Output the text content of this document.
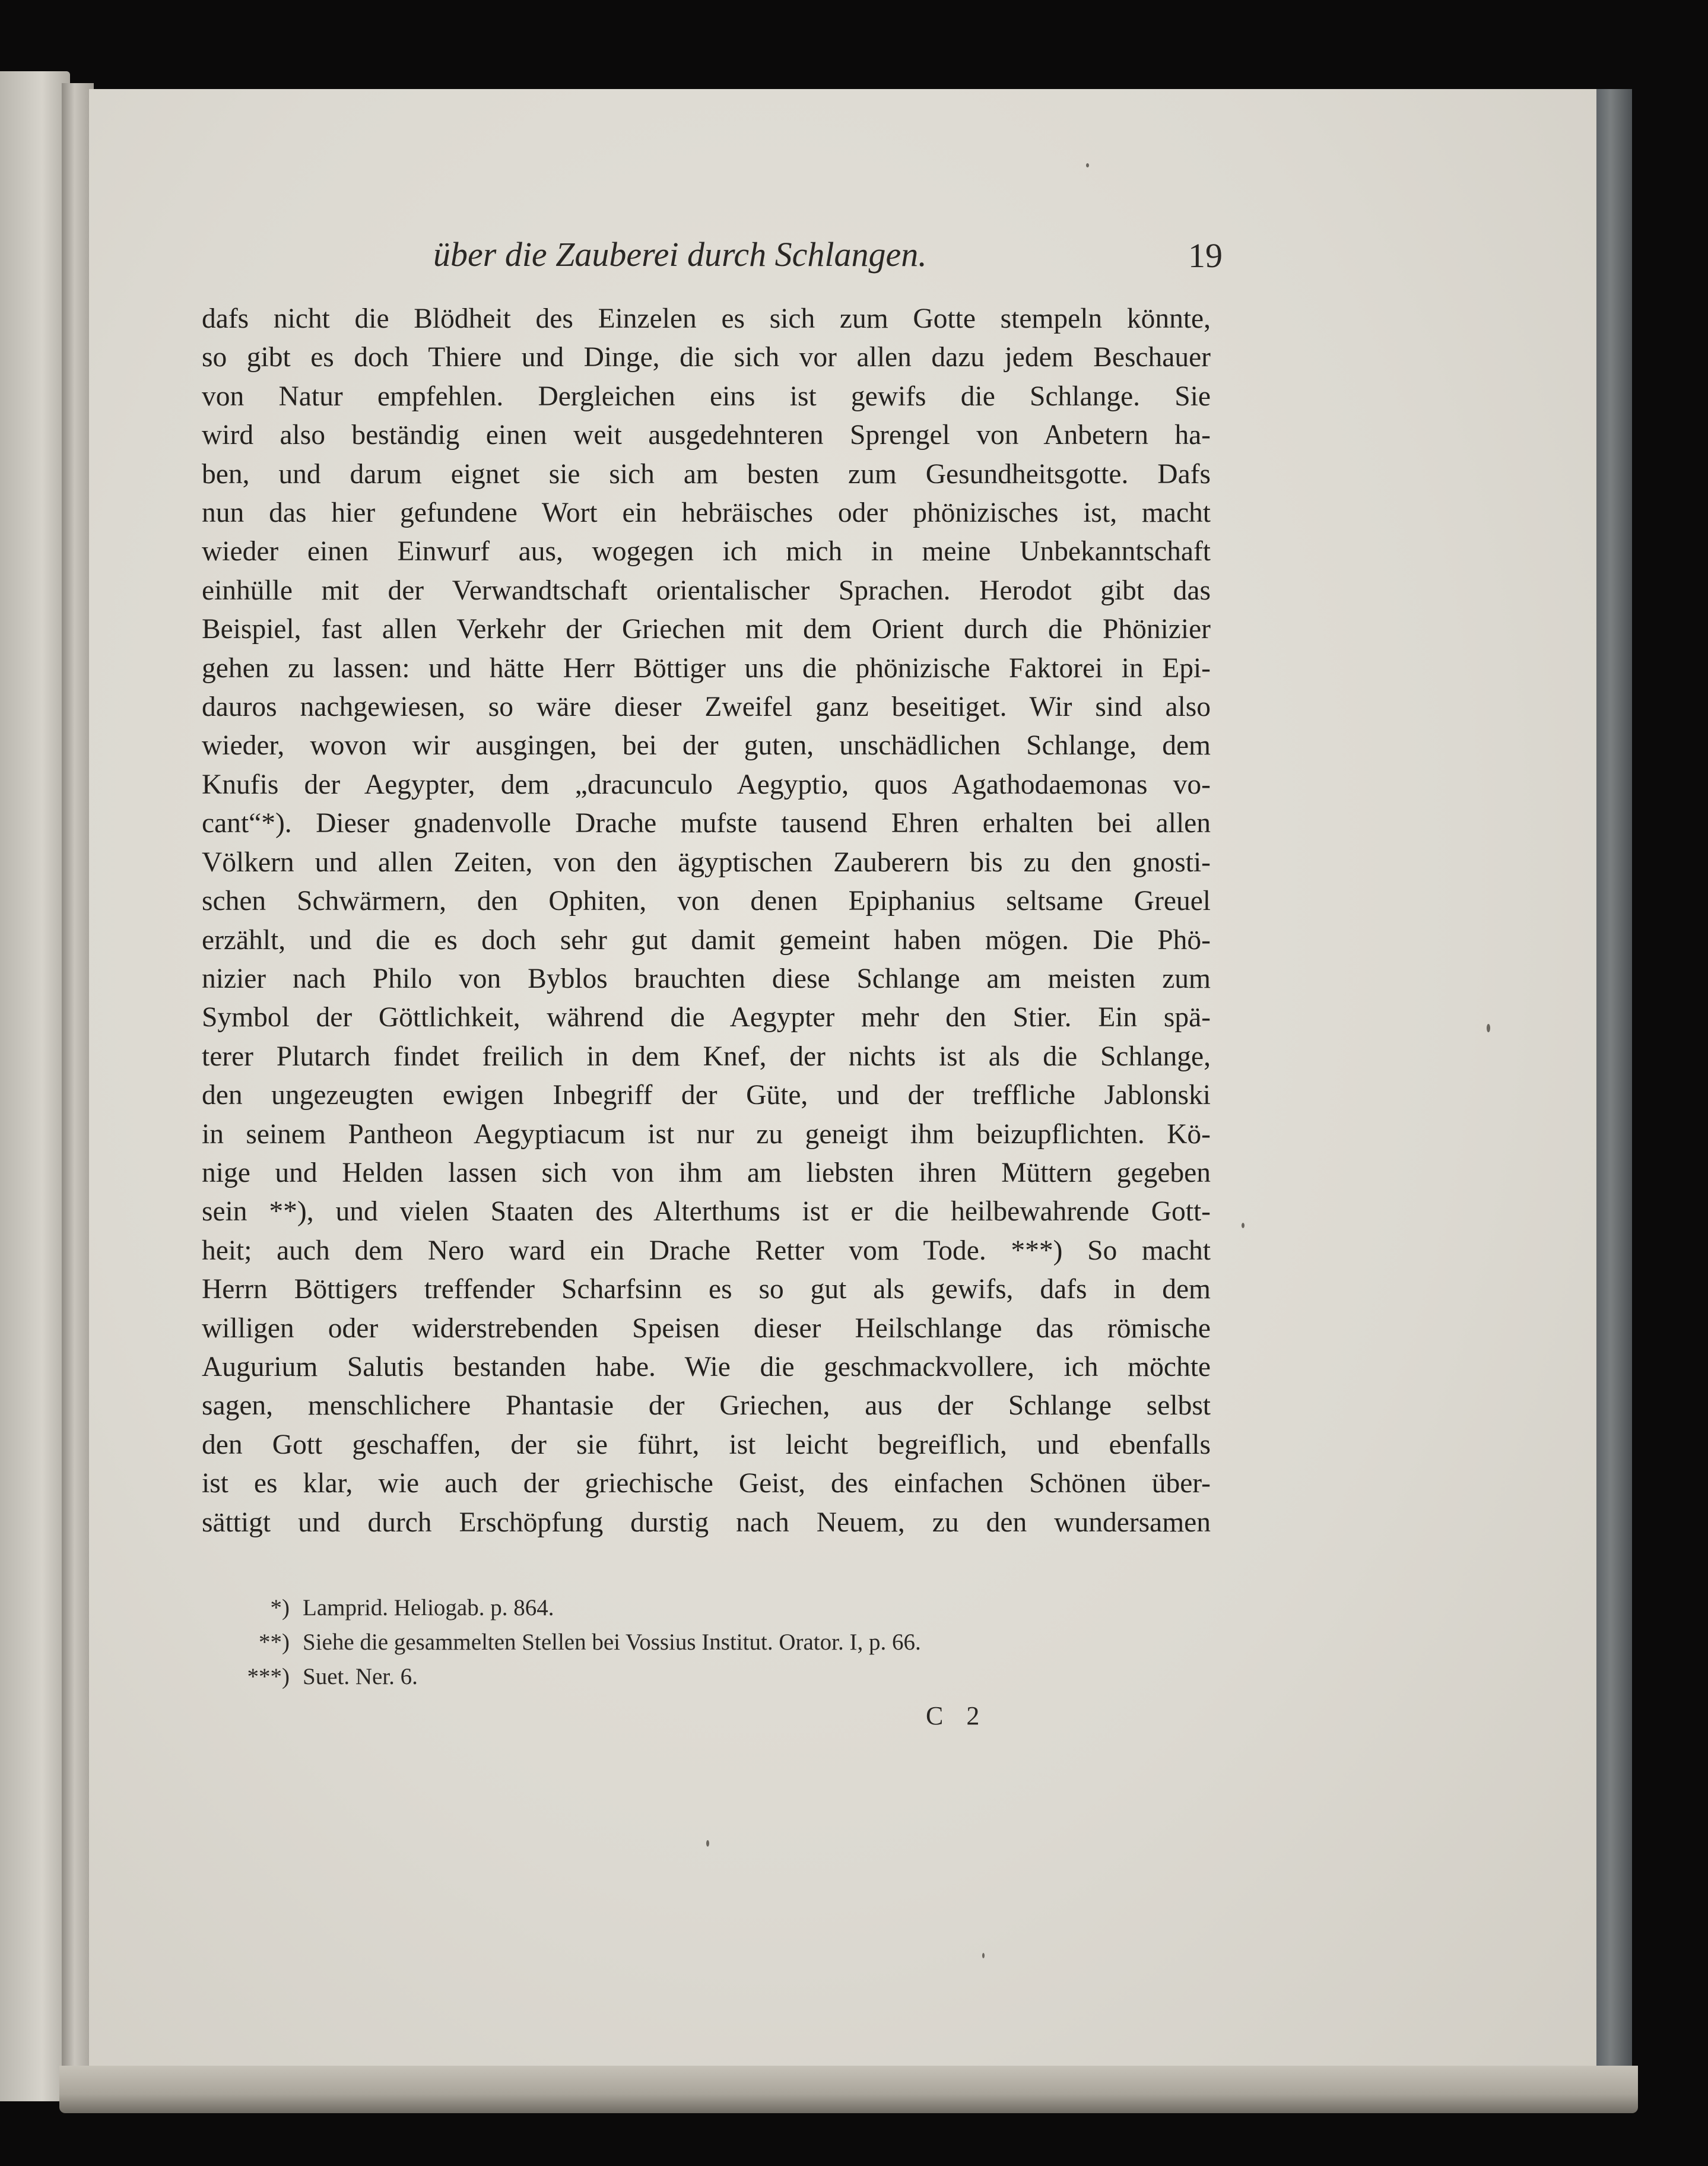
über die Zauberei durch Schlangen.	19
dafs nicht die Blödheit des Einzelen es sich zum Gotte stempeln könnte,
so gibt es doch Thiere und Dinge, die sich vor allen dazu jedem Beschauer
von Natur empfehlen. Dergleichen eins ist gewifs die Schlange. Sie
wird also beständig einen weit ausgedehnteren Sprengel von Anbetern ha-
ben, und darum eignet sie sich am besten zum Gesundheitsgotte. Dafs
nun das hier gefundene Wort ein hebräisches oder phönizisches ist, macht
wieder einen Einwurf aus, wogegen ich mich in meine Unbekanntschaft
einhülle mit der Verwandtschaft orientalischer Sprachen. Herodot gibt das
Beispiel, fast allen Verkehr der Griechen mit dem Orient durch die Phönizier
gehen zu lassen: und hätte Herr Böttiger uns die phönizische Faktorei in Epi-
dauros nachgewiesen, so wäre dieser Zweifel ganz beseitiget. Wir sind also
wieder, wovon wir ausgingen, bei der guten, unschädlichen Schlange, dem
Knufis der Aegypter, dem „dracunculo Aegyptio, quos Agathodaemonas vo-
cant“*). Dieser gnadenvolle Drache mufste tausend Ehren erhalten bei allen
Völkern und allen Zeiten, von den ägyptischen Zauberern bis zu den gnosti-
schen Schwärmern, den Ophiten, von denen Epiphanius seltsame Greuel
erzählt, und die es doch sehr gut damit gemeint haben mögen. Die Phö-
nizier nach Philo von Byblos brauchten diese Schlange am meisten zum
Symbol der Göttlichkeit, während die Aegypter mehr den Stier. Ein spä-
terer Plutarch findet freilich in dem Knef, der nichts ist als die Schlange,
den ungezeugten ewigen Inbegriff der Güte, und der treffliche Jablonski
in seinem Pantheon Aegyptiacum ist nur zu geneigt ihm beizupflichten. Kö-
nige und Helden lassen sich von ihm am liebsten ihren Müttern gegeben
sein **), und vielen Staaten des Alterthums ist er die heilbewahrende Gott-
heit; auch dem Nero ward ein Drache Retter vom Tode. ***) So macht
Herrn Böttigers treffender Scharfsinn es so gut als gewifs, dafs in dem
willigen oder widerstrebenden Speisen dieser Heilschlange das römische
Augurium Salutis bestanden habe. Wie die geschmackvollere, ich möchte
sagen, menschlichere Phantasie der Griechen, aus der Schlange selbst
den Gott geschaffen, der sie führt, ist leicht begreiflich, und ebenfalls
ist es klar, wie auch der griechische Geist, des einfachen Schönen über-
sättigt und durch Erschöpfung durstig nach Neuem, zu den wundersamen
*) Lamprid. Heliogab. p. 864.
**) Siehe die gesammelten Stellen bei Vossius Institut. Orator. I, p. 66.
***) Suet. Ner. 6.
C 2
